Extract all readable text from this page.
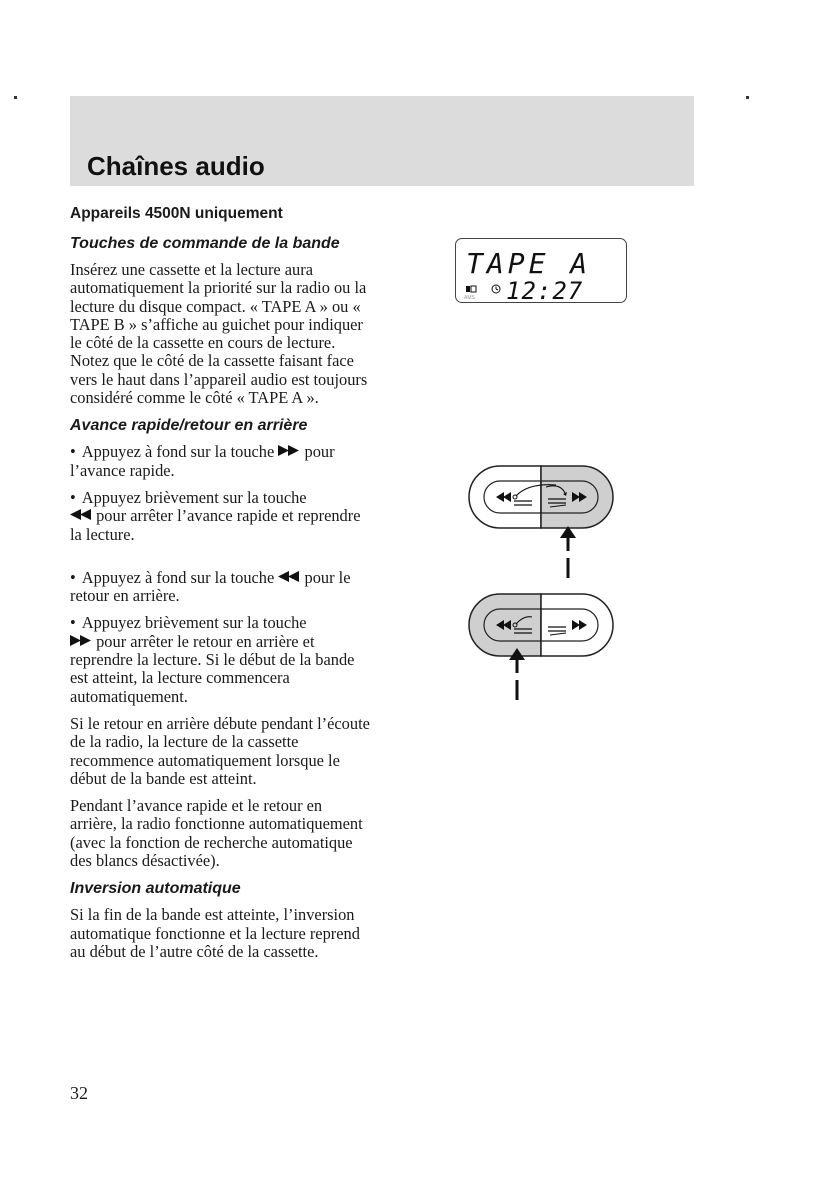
Chaînes audio
Appareils 4500N uniquement
Touches de commande de la bande
Insérez une cassette et la lecture aura automatiquement la priorité sur la radio ou la lecture du disque compact. « TAPE A » ou « TAPE B » s’affiche au guichet pour indiquer le côté de la cassette en cours de lecture. Notez que le côté de la cassette faisant face vers le haut dans l’appareil audio est toujours considéré comme le côté « TAPE A ».
Avance rapide/retour en arrière
• Appuyez à fond sur la touche pour l’avance rapide.
• Appuyez brièvement sur la touche

pour arrêter l’avance rapide et reprendre la lecture.
• Appuyez à fond sur la touche pour le retour en arrière.
• Appuyez brièvement sur la touche

pour arrêter le retour en arrière et reprendre la lecture. Si le début de la bande est atteint, la lecture commencera automatiquement.
Si le retour en arrière débute pendant l’écoute de la radio, la lecture de la cassette recommence automatiquement lorsque le début de la bande est atteint.
Pendant l’avance rapide et le retour en arrière, la radio fonctionne automatiquement (avec la fonction de recherche automatique des blancs désactivée).
Inversion automatique
Si la fin de la bande est atteinte, l’inversion automatique fonctionne et la lecture reprend au début de l’autre côté de la cassette.
32
TAPE A
AMS 12:27
